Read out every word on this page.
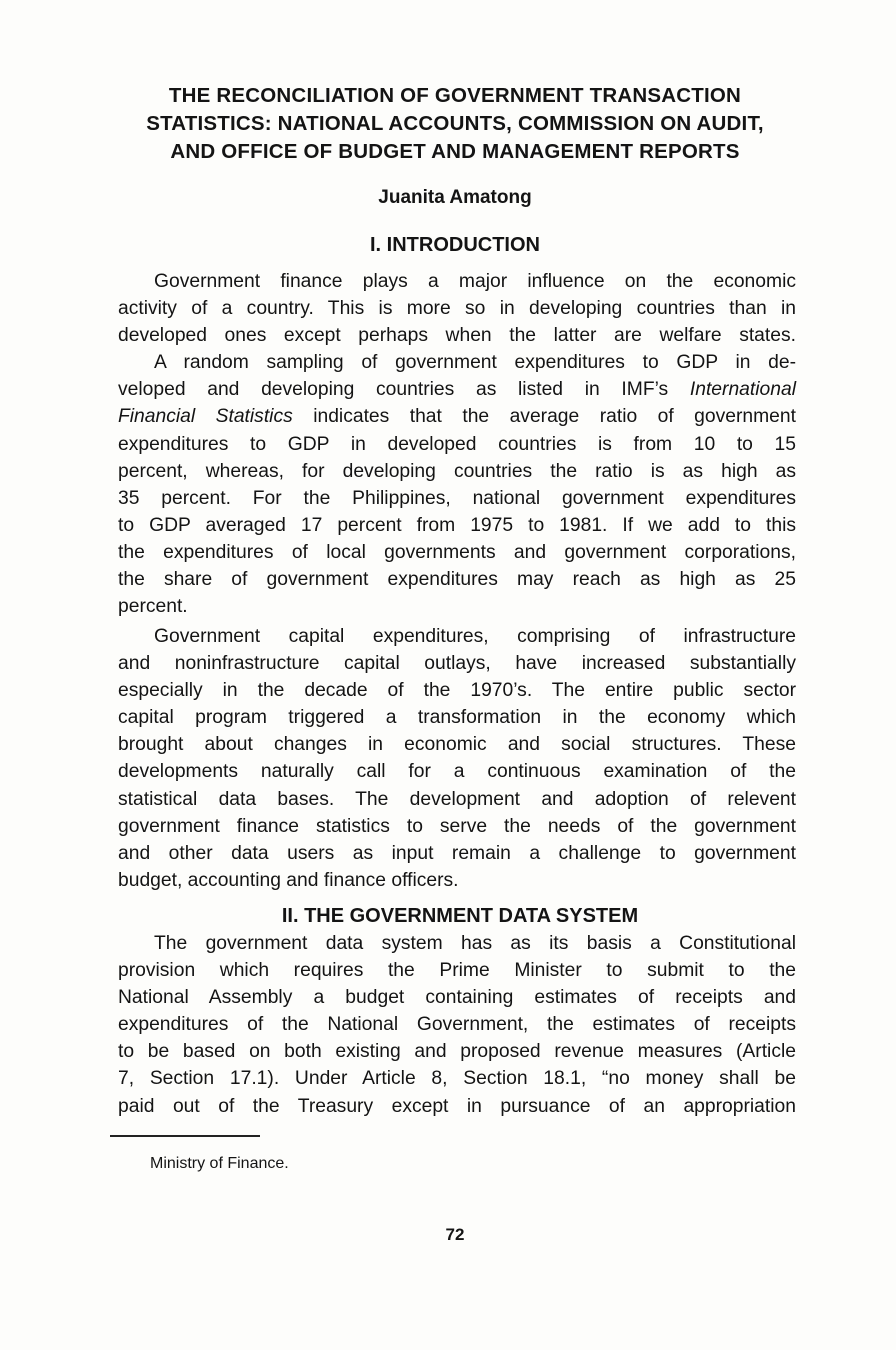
THE RECONCILIATION OF GOVERNMENT TRANSACTION
STATISTICS: NATIONAL ACCOUNTS, COMMISSION ON AUDIT,
AND OFFICE OF BUDGET AND MANAGEMENT REPORTS
Juanita Amatong
I. INTRODUCTION
Government finance plays a major influence on the economic
activity of a country. This is more so in developing countries than in
developed ones except perhaps when the latter are welfare states.
A random sampling of government expenditures to GDP in de-
veloped and developing countries as listed in IMF’s International
Financial Statistics indicates that the average ratio of government
expenditures to GDP in developed countries is from 10 to 15
percent, whereas, for developing countries the ratio is as high as
35 percent. For the Philippines, national government expenditures
to GDP averaged 17 percent from 1975 to 1981. If we add to this
the expenditures of local governments and government corporations,
the share of government expenditures may reach as high as 25
percent.
Government capital expenditures, comprising of infrastructure
and noninfrastructure capital outlays, have increased substantially
especially in the decade of the 1970’s. The entire public sector
capital program triggered a transformation in the economy which
brought about changes in economic and social structures. These
developments naturally call for a continuous examination of the
statistical data bases. The development and adoption of relevent
government finance statistics to serve the needs of the government
and other data users as input remain a challenge to government
budget, accounting and finance officers.
II. THE GOVERNMENT DATA SYSTEM
The government data system has as its basis a Constitutional
provision which requires the Prime Minister to submit to the
National Assembly a budget containing estimates of receipts and
expenditures of the National Government, the estimates of receipts
to be based on both existing and proposed revenue measures (Article
7, Section 17.1). Under Article 8, Section 18.1, “no money shall be
paid out of the Treasury except in pursuance of an appropriation
Ministry of Finance.
72
